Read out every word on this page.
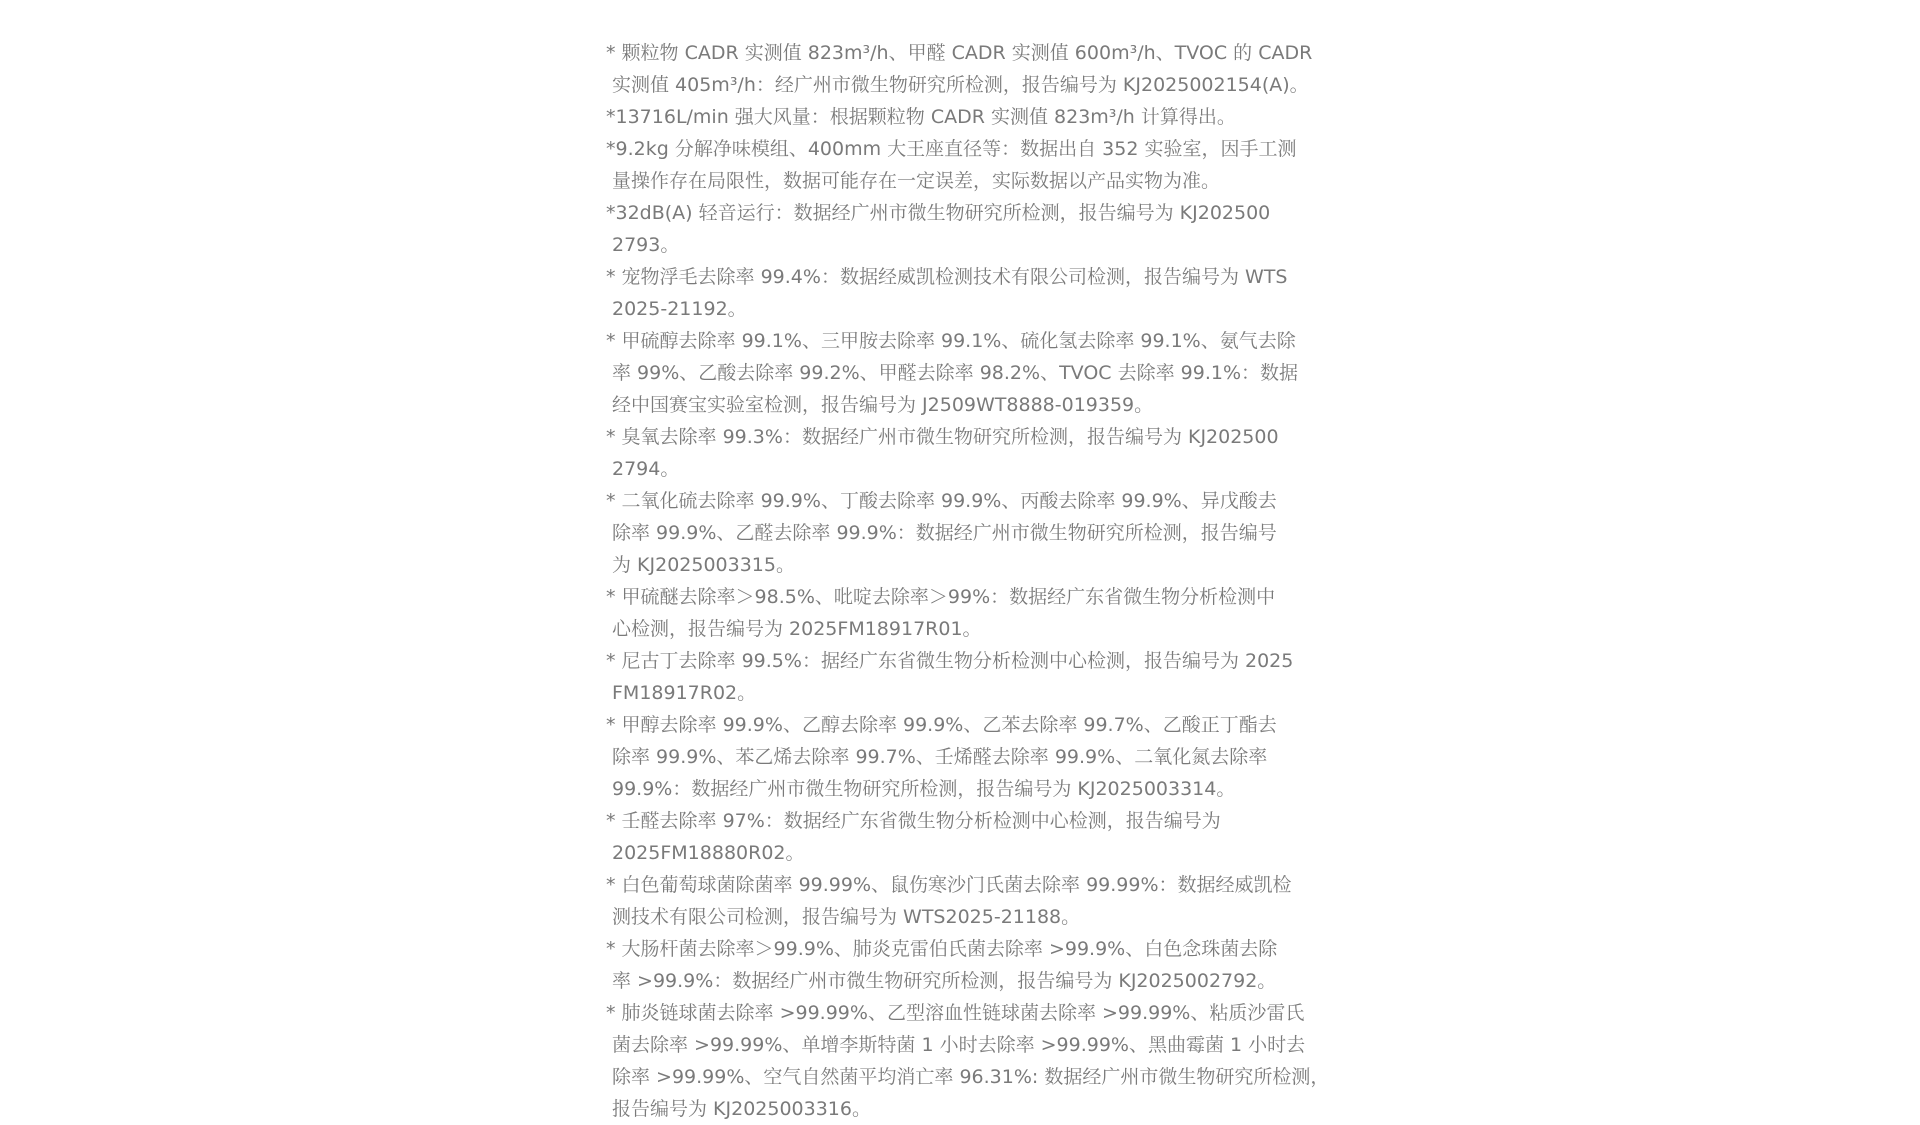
* 颗粒物 CADR 实测值 823m³/h、甲醛 CADR 实测值 600m³/h、TVOC 的 CADR
实测值 405m³/h：经广州市微生物研究所检测，报告编号为 KJ2025002154(A)。
*13716L/min 强大风量：根据颗粒物 CADR 实测值 823m³/h 计算得出。
*9.2kg 分解净味模组、400mm 大王座直径等：数据出自 352 实验室，因手工测
量操作存在局限性，数据可能存在一定误差，实际数据以产品实物为准。
*32dB(A) 轻音运行：数据经广州市微生物研究所检测，报告编号为 KJ202500
2793。
* 宠物浮毛去除率 99.4%：数据经威凯检测技术有限公司检测，报告编号为 WTS
2025-21192。
* 甲硫醇去除率 99.1%、三甲胺去除率 99.1%、硫化氢去除率 99.1%、氨气去除
率 99%、乙酸去除率 99.2%、甲醛去除率 98.2%、TVOC 去除率 99.1%：数据
经中国赛宝实验室检测，报告编号为 J2509WT8888-019359。
* 臭氧去除率 99.3%：数据经广州市微生物研究所检测，报告编号为 KJ202500
2794。
* 二氧化硫去除率 99.9%、丁酸去除率 99.9%、丙酸去除率 99.9%、异戊酸去
除率 99.9%、乙醛去除率 99.9%：数据经广州市微生物研究所检测，报告编号
为 KJ2025003315。
* 甲硫醚去除率＞98.5%、吡啶去除率＞99%：数据经广东省微生物分析检测中
心检测，报告编号为 2025FM18917R01。
* 尼古丁去除率 99.5%：据经广东省微生物分析检测中心检测，报告编号为 2025
FM18917R02。
* 甲醇去除率 99.9%、乙醇去除率 99.9%、乙苯去除率 99.7%、乙酸正丁酯去
除率 99.9%、苯乙烯去除率 99.7%、壬烯醛去除率 99.9%、二氧化氮去除率
99.9%：数据经广州市微生物研究所检测，报告编号为 KJ2025003314。
* 壬醛去除率 97%：数据经广东省微生物分析检测中心检测，报告编号为
2025FM18880R02。
* 白色葡萄球菌除菌率 99.99%、鼠伤寒沙门氏菌去除率 99.99%：数据经威凯检
测技术有限公司检测，报告编号为 WTS2025-21188。
* 大肠杆菌去除率＞99.9%、肺炎克雷伯氏菌去除率 >99.9%、白色念珠菌去除
率 >99.9%：数据经广州市微生物研究所检测，报告编号为 KJ2025002792。
* 肺炎链球菌去除率 >99.99%、乙型溶血性链球菌去除率 >99.99%、粘质沙雷氏
菌去除率 >99.99%、单增李斯特菌 1 小时去除率 >99.99%、黑曲霉菌 1 小时去
除率 >99.99%、空气自然菌平均消亡率 96.31%: 数据经广州市微生物研究所检测，
报告编号为 KJ2025003316。
